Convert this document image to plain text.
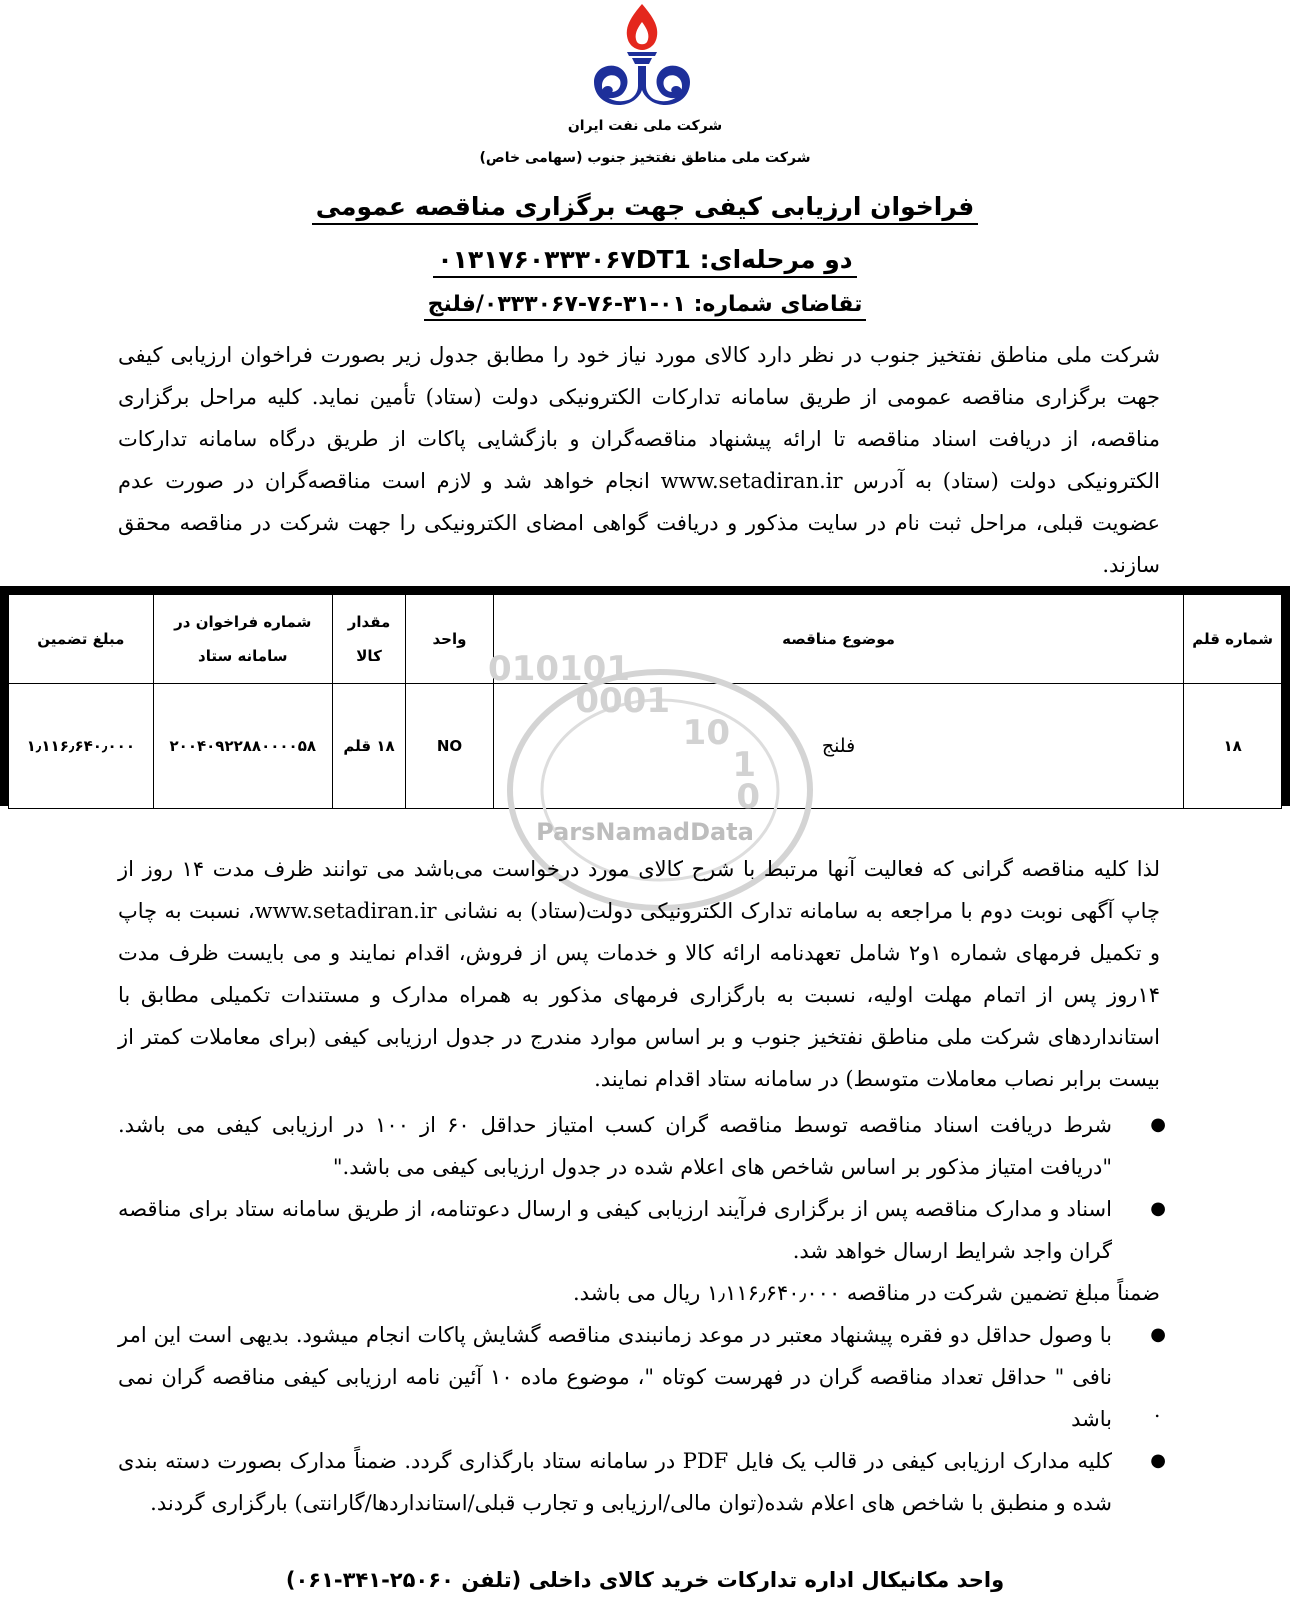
شرکت ملی نفت ایران
شرکت ملی مناطق نفتخیز جنوب (سهامی خاص)
فراخوان ارزیابی کیفی جهت برگزاری مناقصه عمومی
دو مرحله‌ای: ۰۱۳۱۷۶۰۳۳۳۰۶۷DT1
تقاضای شماره: ۰۱-۳۱-۷۶-۰۳۳۳۰۶۷/فلنج
شرکت ملی مناطق نفتخیز جنوب در نظر دارد کالای مورد نیاز خود را مطابق جدول زیر بصورت فراخوان ارزیابی کیفی جهت برگزاری مناقصه عمومی از طریق سامانه تدارکات الکترونیکی دولت (ستاد) تأمین نماید. کلیه مراحل برگزاری مناقصه، از دریافت اسناد مناقصه تا ارائه پیشنهاد مناقصه‌گران و بازگشایی پاکات از طریق درگاه سامانه تدارکات الکترونیکی دولت (ستاد) به آدرس www.setadiran.ir انجام خواهد شد و لازم است مناقصه‌گران در صورت عدم عضویت قبلی، مراحل ثبت نام در سایت مذکور و دریافت گواهی امضای الکترونیکی را جهت شرکت در مناقصه محقق سازند.
شماره قلم	موضوع مناقصه	واحد	مقدار کالا	شماره فراخوان در سامانه ستاد	مبلغ تضمین
۱۸	فلنج	NO	۱۸ قلم	۲۰۰۴۰۹۲۲۸۸۰۰۰۰۵۸	۱٫۱۱۶٫۶۴۰٫۰۰۰
010101
0001
10
1
0
ParsNamadData
لذا کلیه مناقصه گرانی که فعالیت آنها مرتبط با شرح کالای مورد درخواست می‌باشد می توانند ظرف مدت ۱۴ روز از چاپ آگهی نوبت دوم با مراجعه به سامانه تدارک الکترونیکی دولت(ستاد) به نشانی www.setadiran.ir، نسبت به چاپ و تکمیل فرمهای شماره ۱و۲ شامل تعهدنامه ارائه کالا و خدمات پس از فروش، اقدام نمایند و می بایست ظرف مدت ۱۴روز پس از اتمام مهلت اولیه، نسبت به بارگزاری فرمهای مذکور به همراه مدارک و مستندات تکمیلی مطابق با استانداردهای شرکت ملی مناطق نفتخیز جنوب و بر اساس موارد مندرج در جدول ارزیابی کیفی (برای معاملات کمتر از بیست برابر نصاب معاملات متوسط) در سامانه ستاد اقدام نمایند.
●
شرط دریافت اسناد مناقصه توسط مناقصه گران کسب امتیاز حداقل ۶۰ از ۱۰۰ در ارزیابی کیفی می باشد. "دریافت امتیاز مذکور بر اساس شاخص های اعلام شده در جدول ارزیابی کیفی می باشد."
●
اسناد و مدارک مناقصه پس از برگزاری فرآیند ارزیابی کیفی و ارسال دعوتنامه، از طریق سامانه ستاد برای مناقصه گران واجد شرایط ارسال خواهد شد.
ضمناً مبلغ تضمین شرکت در مناقصه ۱٫۱۱۶٫۶۴۰٫۰۰۰ ریال می باشد.
●
با وصول حداقل دو فقره پیشنهاد معتبر در موعد زمانبندی مناقصه گشایش پاکات انجام میشود. بدیهی است این امر نافی " حداقل تعداد مناقصه گران در فهرست کوتاه "، موضوع ماده ۱۰ آئین نامه ارزیابی کیفی مناقصه گران نمی باشد	.
●
کلیه مدارک ارزیابی کیفی در قالب یک فایل PDF در سامانه ستاد بارگذاری گردد. ضمناً مدارک بصورت دسته بندی شده و منطبق با شاخص های اعلام شده(توان مالی/ارزیابی و تجارب قبلی/استانداردها/گارانتی) بارگزاری گردند.
واحد مکانیکال اداره تدارکات خرید کالای داخلی (تلفن ۲۵۰۶۰-۳۴۱-۰۶۱)
